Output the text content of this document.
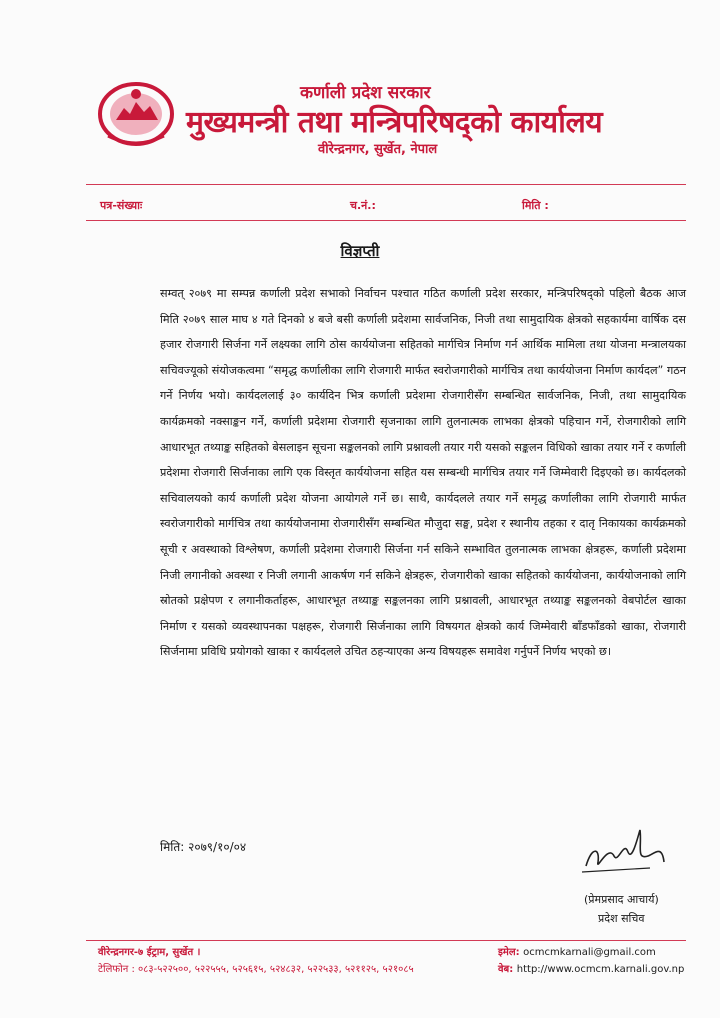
कर्णाली प्रदेश सरकार
मुख्यमन्त्री तथा मन्त्रिपरिषद्को कार्यालय
वीरेन्द्रनगर, सुर्खेत, नेपाल
पत्र-संख्याः	च.नं.:	मिति :
विज्ञप्ती

सम्वत् २०७९ मा सम्पन्न कर्णाली प्रदेश सभाको निर्वाचन पश्चात गठित कर्णाली प्रदेश सरकार, मन्त्रिपरिषद्को पहिलो बैठक आज मिति २०७९ साल माघ ४ गते दिनको ४ बजे बसी कर्णाली प्रदेशमा सार्वजनिक, निजी तथा सामुदायिक क्षेत्रको सहकार्यमा वार्षिक दस हजार रोजगारी सिर्जना गर्ने लक्ष्यका लागि ठोस कार्ययोजना सहितको मार्गचित्र निर्माण गर्न आर्थिक मामिला तथा योजना मन्त्रालयका सचिवज्यूको संयोजकत्वमा “समृद्ध कर्णालीका लागि रोजगारी मार्फत स्वरोजगारीको मार्गचित्र तथा कार्ययोजना निर्माण कार्यदल” गठन गर्ने निर्णय भयो। कार्यदललाई ३० कार्यदिन भित्र कर्णाली प्रदेशमा रोजगारीसँग सम्बन्धित सार्वजनिक, निजी, तथा सामुदायिक कार्यक्रमको नक्साङ्कन गर्ने, कर्णाली प्रदेशमा रोजगारी सृजनाका लागि तुलनात्मक लाभका क्षेत्रको पहिचान गर्ने, रोजगारीको लागि आधारभूत तथ्याङ्क सहितको बेसलाइन सूचना सङ्कलनको लागि प्रश्नावली तयार गरी यसको सङ्कलन विधिको खाका तयार गर्ने र कर्णाली प्रदेशमा रोजगारी सिर्जनाका लागि एक विस्तृत कार्ययोजना सहित यस सम्बन्धी मार्गचित्र तयार गर्ने जिम्मेवारी दिइएको छ। कार्यदलको सचिवालयको कार्य कर्णाली प्रदेश योजना आयोगले गर्ने छ। साथै, कार्यदलले तयार गर्ने समृद्ध कर्णालीका लागि रोजगारी मार्फत स्वरोजगारीको मार्गचित्र तथा कार्ययोजनामा रोजगारीसँग सम्बन्धित मौजुदा सङ्घ, प्रदेश र स्थानीय तहका र दातृ निकायका कार्यक्रमको सूची र अवस्थाको विश्लेषण, कर्णाली प्रदेशमा रोजगारी सिर्जना गर्न सकिने सम्भावित तुलनात्मक लाभका क्षेत्रहरू, कर्णाली प्रदेशमा निजी लगानीको अवस्था र निजी लगानी आकर्षण गर्न सकिने क्षेत्रहरू, रोजगारीको खाका सहितको कार्ययोजना, कार्ययोजनाको लागि स्रोतको प्रक्षेपण र लगानीकर्ताहरू, आधारभूत तथ्याङ्क सङ्कलनका लागि प्रश्नावली, आधारभूत तथ्याङ्क सङ्कलनको वेबपोर्टल खाका निर्माण र यसको व्यवस्थापनका पक्षहरू, रोजगारी सिर्जनाका लागि विषयगत क्षेत्रको कार्य जिम्मेवारी बाँडफाँडको खाका, रोजगारी सिर्जनामा प्रविधि प्रयोगको खाका र कार्यदलले उचित ठहऱ्याएका अन्य विषयहरू समावेश गर्नुपर्ने निर्णय भएको छ।

मिति: २०७९/१०/०४
(प्रेमप्रसाद आचार्य)
प्रदेश सचिव
वीरेन्द्रनगर-७ ईट्राम, सुर्खेत ।
टेलिफोन : ०८३-५२२५००, ५२२५५५, ५२५६१५, ५२४८३२, ५२२५३३, ५२११२५, ५२१०८५
इमेल: ocmcmkarnali@gmail.com
वेब: http://www.ocmcm.karnali.gov.np
